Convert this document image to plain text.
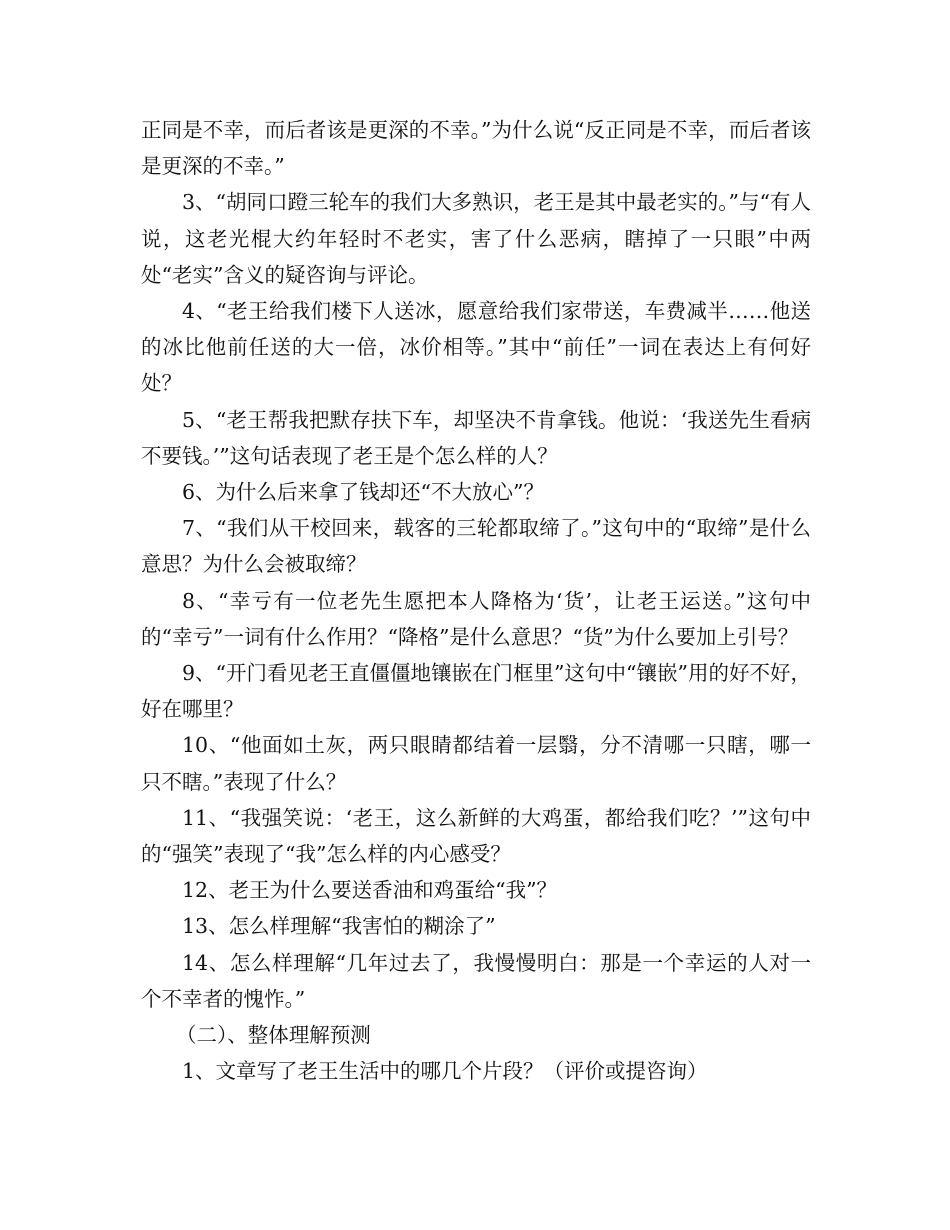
正同是不幸，而后者该是更深的不幸。”为什么说“反正同是不幸，而后者该是更深的不幸。”

3、“胡同口蹬三轮车的我们大多熟识，老王是其中最老实的。”与“有人说，这老光棍大约年轻时不老实，害了什么恶病，瞎掉了一只眼”中两处“老实”含义的疑咨询与评论。

4、“老王给我们楼下人送冰，愿意给我们家带送，车费减半……他送的冰比他前任送的大一倍，冰价相等。”其中“前任”一词在表达上有何好处？

5、“老王帮我把默存扶下车，却坚决不肯拿钱。他说：‘我送先生看病不要钱。’”这句话表现了老王是个怎么样的人？

6、为什么后来拿了钱却还“不大放心”？

7、“我们从干校回来，载客的三轮都取缔了。”这句中的“取缔”是什么意思？为什么会被取缔？

8、“幸亏有一位老先生愿把本人降格为‘货’，让老王运送。”这句中的“幸亏”一词有什么作用？“降格”是什么意思？“货”为什么要加上引号？

9、“开门看见老王直僵僵地镶嵌在门框里”这句中“镶嵌”用的好不好，好在哪里？

10、“他面如土灰，两只眼睛都结着一层翳，分不清哪一只瞎，哪一只不瞎。”表现了什么？

11、“我强笑说：‘老王，这么新鲜的大鸡蛋，都给我们吃？’”这句中的“强笑”表现了“我”怎么样的内心感受？

12、老王为什么要送香油和鸡蛋给“我”？

13、怎么样理解“我害怕的糊涂了”

14、怎么样理解“几年过去了，我慢慢明白：那是一个幸运的人对一个不幸者的愧怍。”

（二）、整体理解预测

1、文章写了老王生活中的哪几个片段？（评价或提咨询）
